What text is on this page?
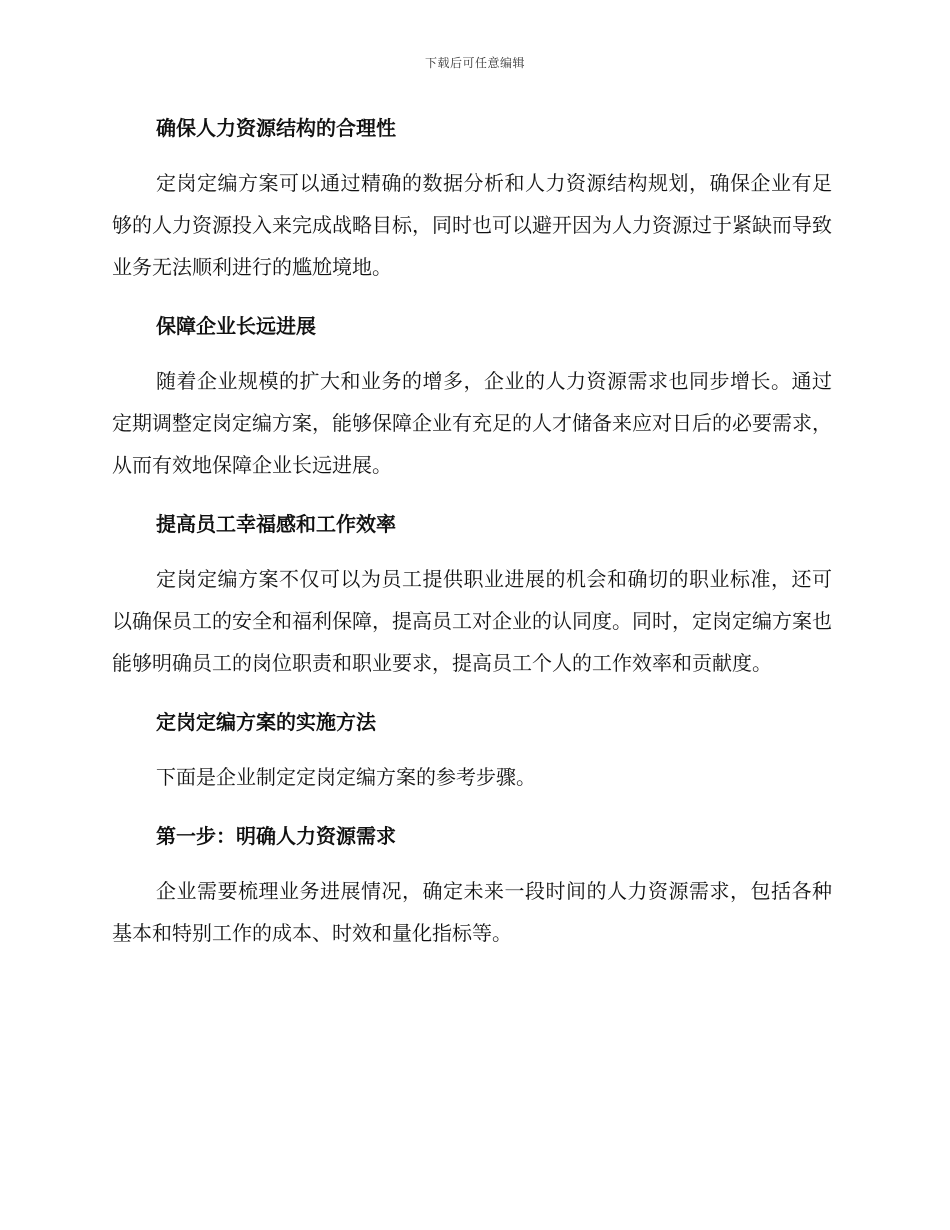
下载后可任意编辑
确保人力资源结构的合理性

定岗定编方案可以通过精确的数据分析和人力资源结构规划，确保企业有足够的人力资源投入来完成战略目标，同时也可以避开因为人力资源过于紧缺而导致业务无法顺利进行的尴尬境地。

保障企业长远进展

随着企业规模的扩大和业务的增多，企业的人力资源需求也同步增长。通过定期调整定岗定编方案，能够保障企业有充足的人才储备来应对日后的必要需求，从而有效地保障企业长远进展。

提高员工幸福感和工作效率

定岗定编方案不仅可以为员工提供职业进展的机会和确切的职业标准，还可以确保员工的安全和福利保障，提高员工对企业的认同度。同时，定岗定编方案也能够明确员工的岗位职责和职业要求，提高员工个人的工作效率和贡献度。

定岗定编方案的实施方法

下面是企业制定定岗定编方案的参考步骤。

第一步：明确人力资源需求

企业需要梳理业务进展情况，确定未来一段时间的人力资源需求，包括各种基本和特别工作的成本、时效和量化指标等。
